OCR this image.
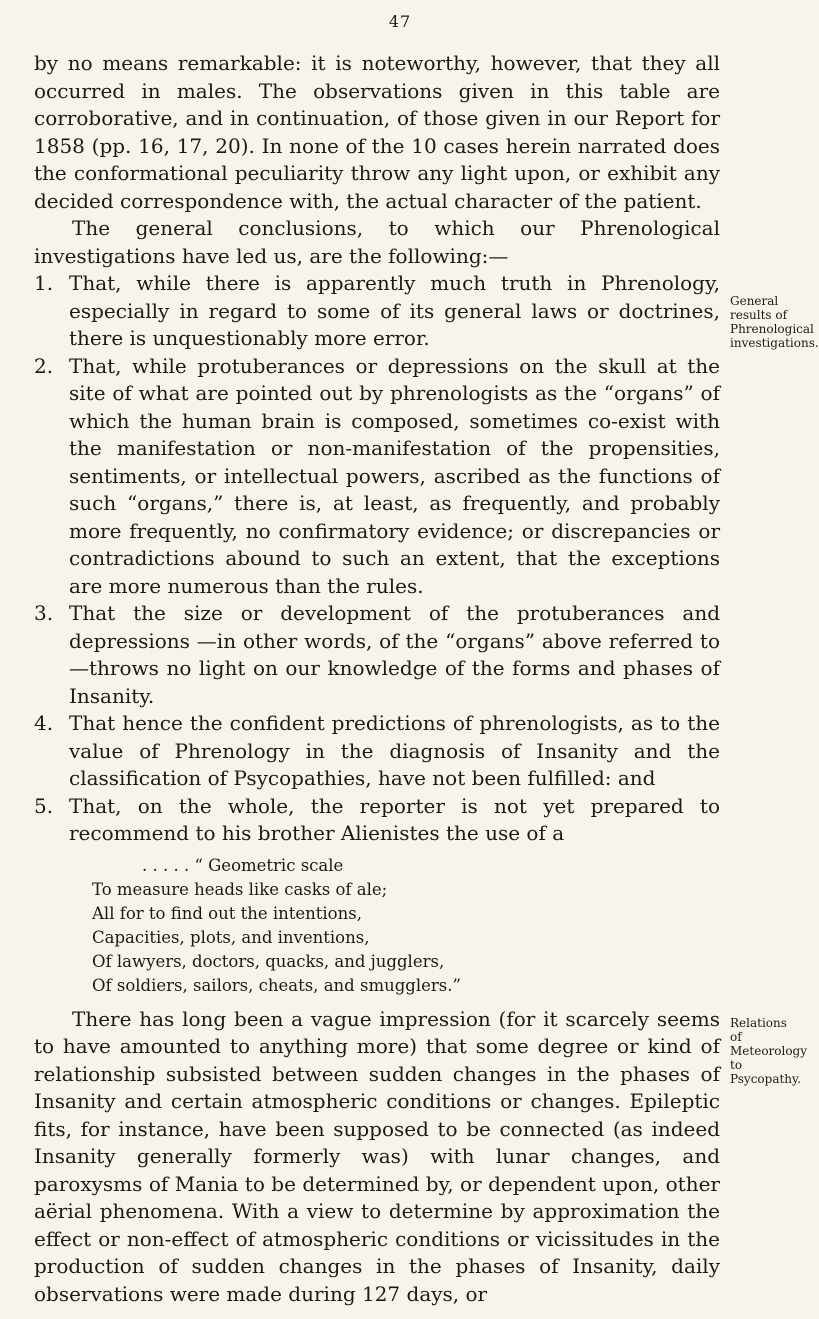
47

by no means remarkable: it is noteworthy, however, that they all occurred in males. The observations given in this table are corroborative, and in continuation, of those given in our Report for 1858 (pp. 16, 17, 20). In none of the 10 cases herein narrated does the conformational peculiarity throw any light upon, or exhibit any decided correspondence with, the actual character of the patient.

The general conclusions, to which our Phrenological investigations have led us, are the following:—

1. That, while there is apparently much truth in Phrenology, especially in regard to some of its general laws or doctrines, there is unquestionably more error.
2. That, while protuberances or depressions on the skull at the site of what are pointed out by phrenologists as the “organs” of which the human brain is composed, sometimes co-exist with the manifestation or non-manifestation of the propensities, sentiments, or intellectual powers, ascribed as the functions of such “organs,” there is, at least, as frequently, and probably more frequently, no confirmatory evidence; or discrepancies or contradictions abound to such an extent, that the exceptions are more numerous than the rules.
3. That the size or development of the protuberances and depressions —in other words, of the “organs” above referred to—throws no light on our knowledge of the forms and phases of Insanity.
4. That hence the confident predictions of phrenologists, as to the value of Phrenology in the diagnosis of Insanity and the classification of Psycopathies, have not been fulfilled: and
5. That, on the whole, the reporter is not yet prepared to recommend to his brother Alienistes the use of a
. . . . . “ Geometric scale
To measure heads like casks of ale;
All for to find out the intentions,
Capacities, plots, and inventions,
Of lawyers, doctors, quacks, and jugglers,
Of soldiers, sailors, cheats, and smugglers.”

There has long been a vague impression (for it scarcely seems to have amounted to anything more) that some degree or kind of relationship subsisted between sudden changes in the phases of Insanity and certain atmospheric conditions or changes. Epileptic fits, for instance, have been supposed to be connected (as indeed Insanity generally formerly was) with lunar changes, and paroxysms of Mania to be determined by, or dependent upon, other aërial phenomena. With a view to determine by approximation the effect or non-effect of atmospheric conditions or vicissitudes in the production of sudden changes in the phases of Insanity, daily observations were made during 127 days, or

General results of Phrenological investigations.
Relations of Meteorology to Psycopathy.
